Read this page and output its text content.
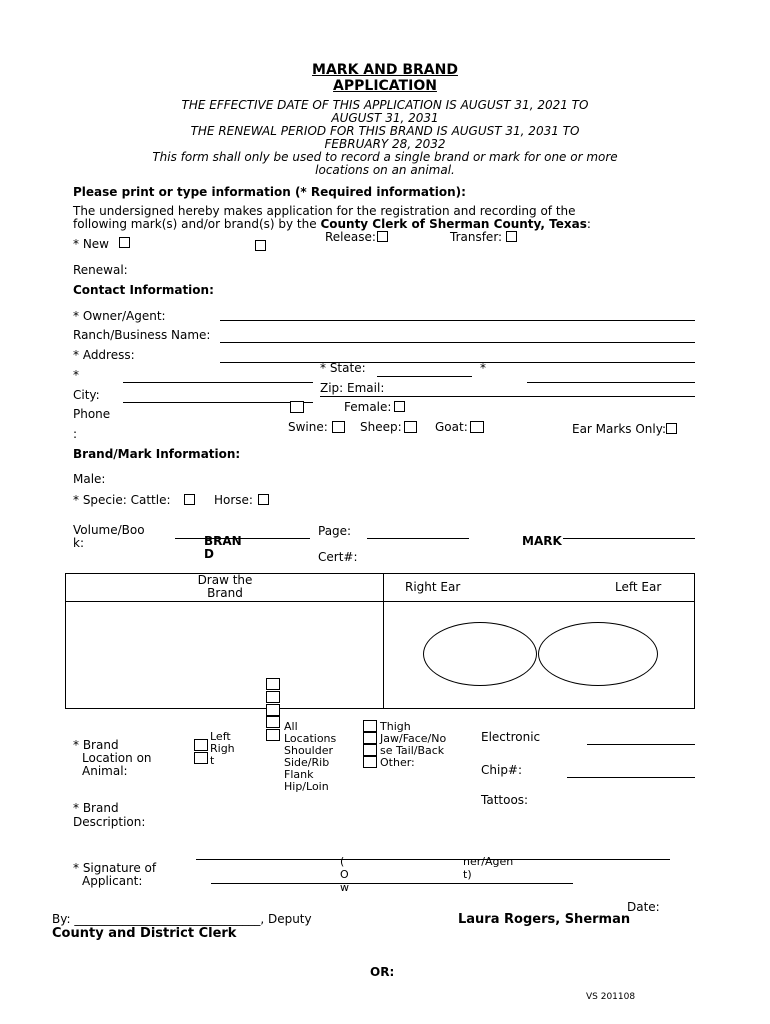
MARK AND BRAND
APPLICATION
THE EFFECTIVE DATE OF THIS APPLICATION IS AUGUST 31, 2021 TO
AUGUST 31, 2031
THE RENEWAL PERIOD FOR THIS BRAND IS AUGUST 31, 2031 TO
FEBRUARY 28, 2032
This form shall only be used to record a single brand or mark for one or more
locations on an animal.
Please print or type information (* Required information):
The undersigned hereby makes application for the registration and recording of the
following mark(s) and/or brand(s) by the County Clerk of Sherman County, Texas:
* New	Release:	Transfer:
Renewal:
Contact Information:
* Owner/Agent:
Ranch/Business Name:
* Address:
*	* State:	*
Zip: Email:
City:
Phone
:
Female:
Swine:	Sheep:	Goat:	Ear Marks Only:
Brand/Mark Information:
Male:
* Specie: Cattle:	Horse:
Volume/Boo
k:	BRAN
D
Page:
Cert#:
MARK
Draw the
Brand	Right Ear	Left Ear
* Brand
Location on
Animal:
Left
Righ
t
All
Locations
Shoulder
Side/Rib
Flank
Hip/Loin
Thigh
Jaw/Face/No
se Tail/Back
Other:
Electronic
Chip#:
Tattoos:
* Brand
Description:
* Signature of
Applicant:
(
O
w
ner/Agen
t)
Date:
By: _______________________________, Deputy	Laura Rogers, Sherman
County and District Clerk
OR:
VS 201108
